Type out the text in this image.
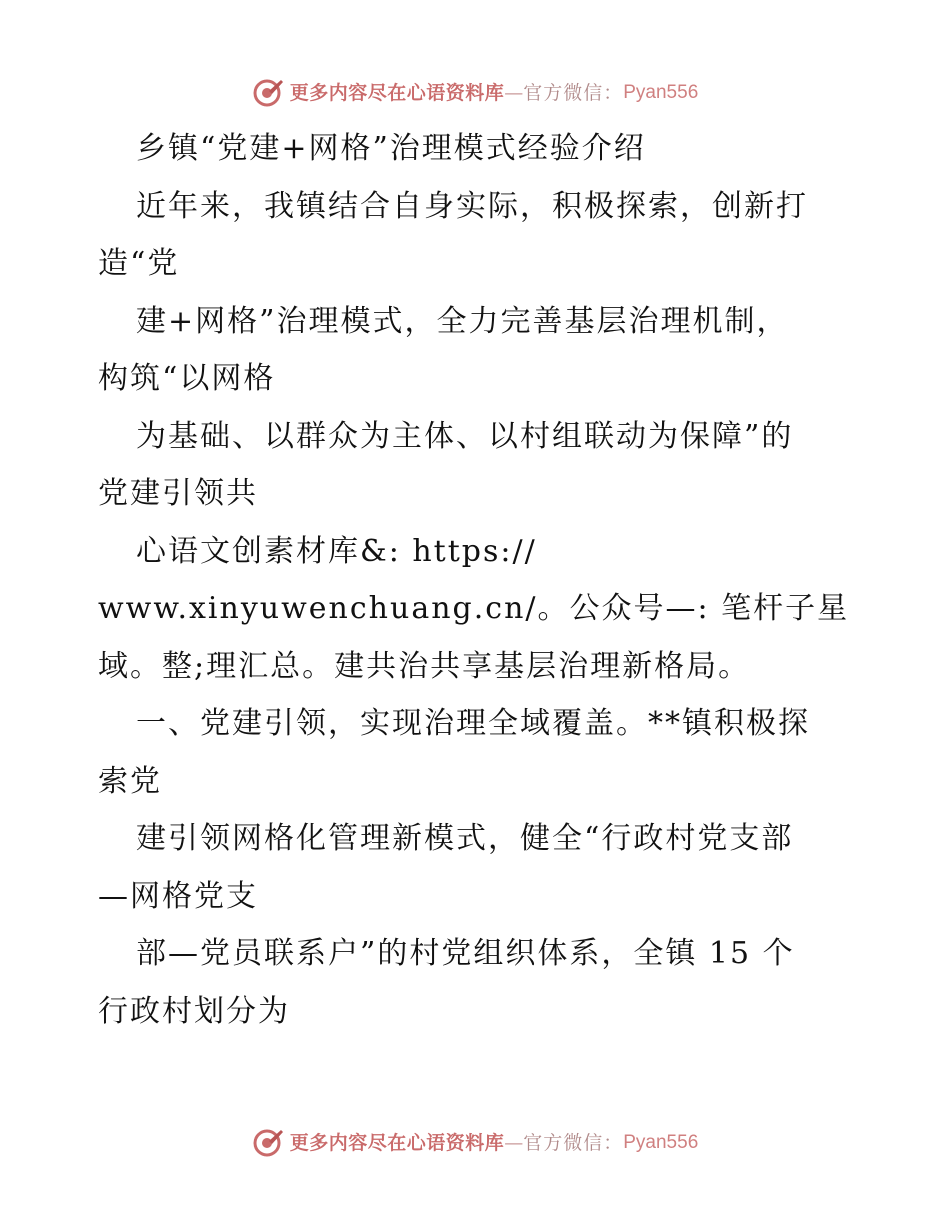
更多内容尽在心语资料库 — 官方微信： Pyan556
乡镇“党建+网格”治理模式经验介绍
近年来，我镇结合自身实际，积极探索，创新打
造“党
建+网格”治理模式，全力完善基层治理机制，
构筑“以网格
为基础、以群众为主体、以村组联动为保障”的
党建引领共
心语文创素材库&: https://
www.xinyuwenchuang.cn/。公众号—: 笔杆子星
域。整;理汇总。建共治共享基层治理新格局。
一、党建引领，实现治理全域覆盖。**镇积极探
索党
建引领网格化管理新模式，健全“行政村党支部
—网格党支
部—党员联系户”的村党组织体系，全镇 15 个
行政村划分为
更多内容尽在心语资料库 — 官方微信： Pyan556
